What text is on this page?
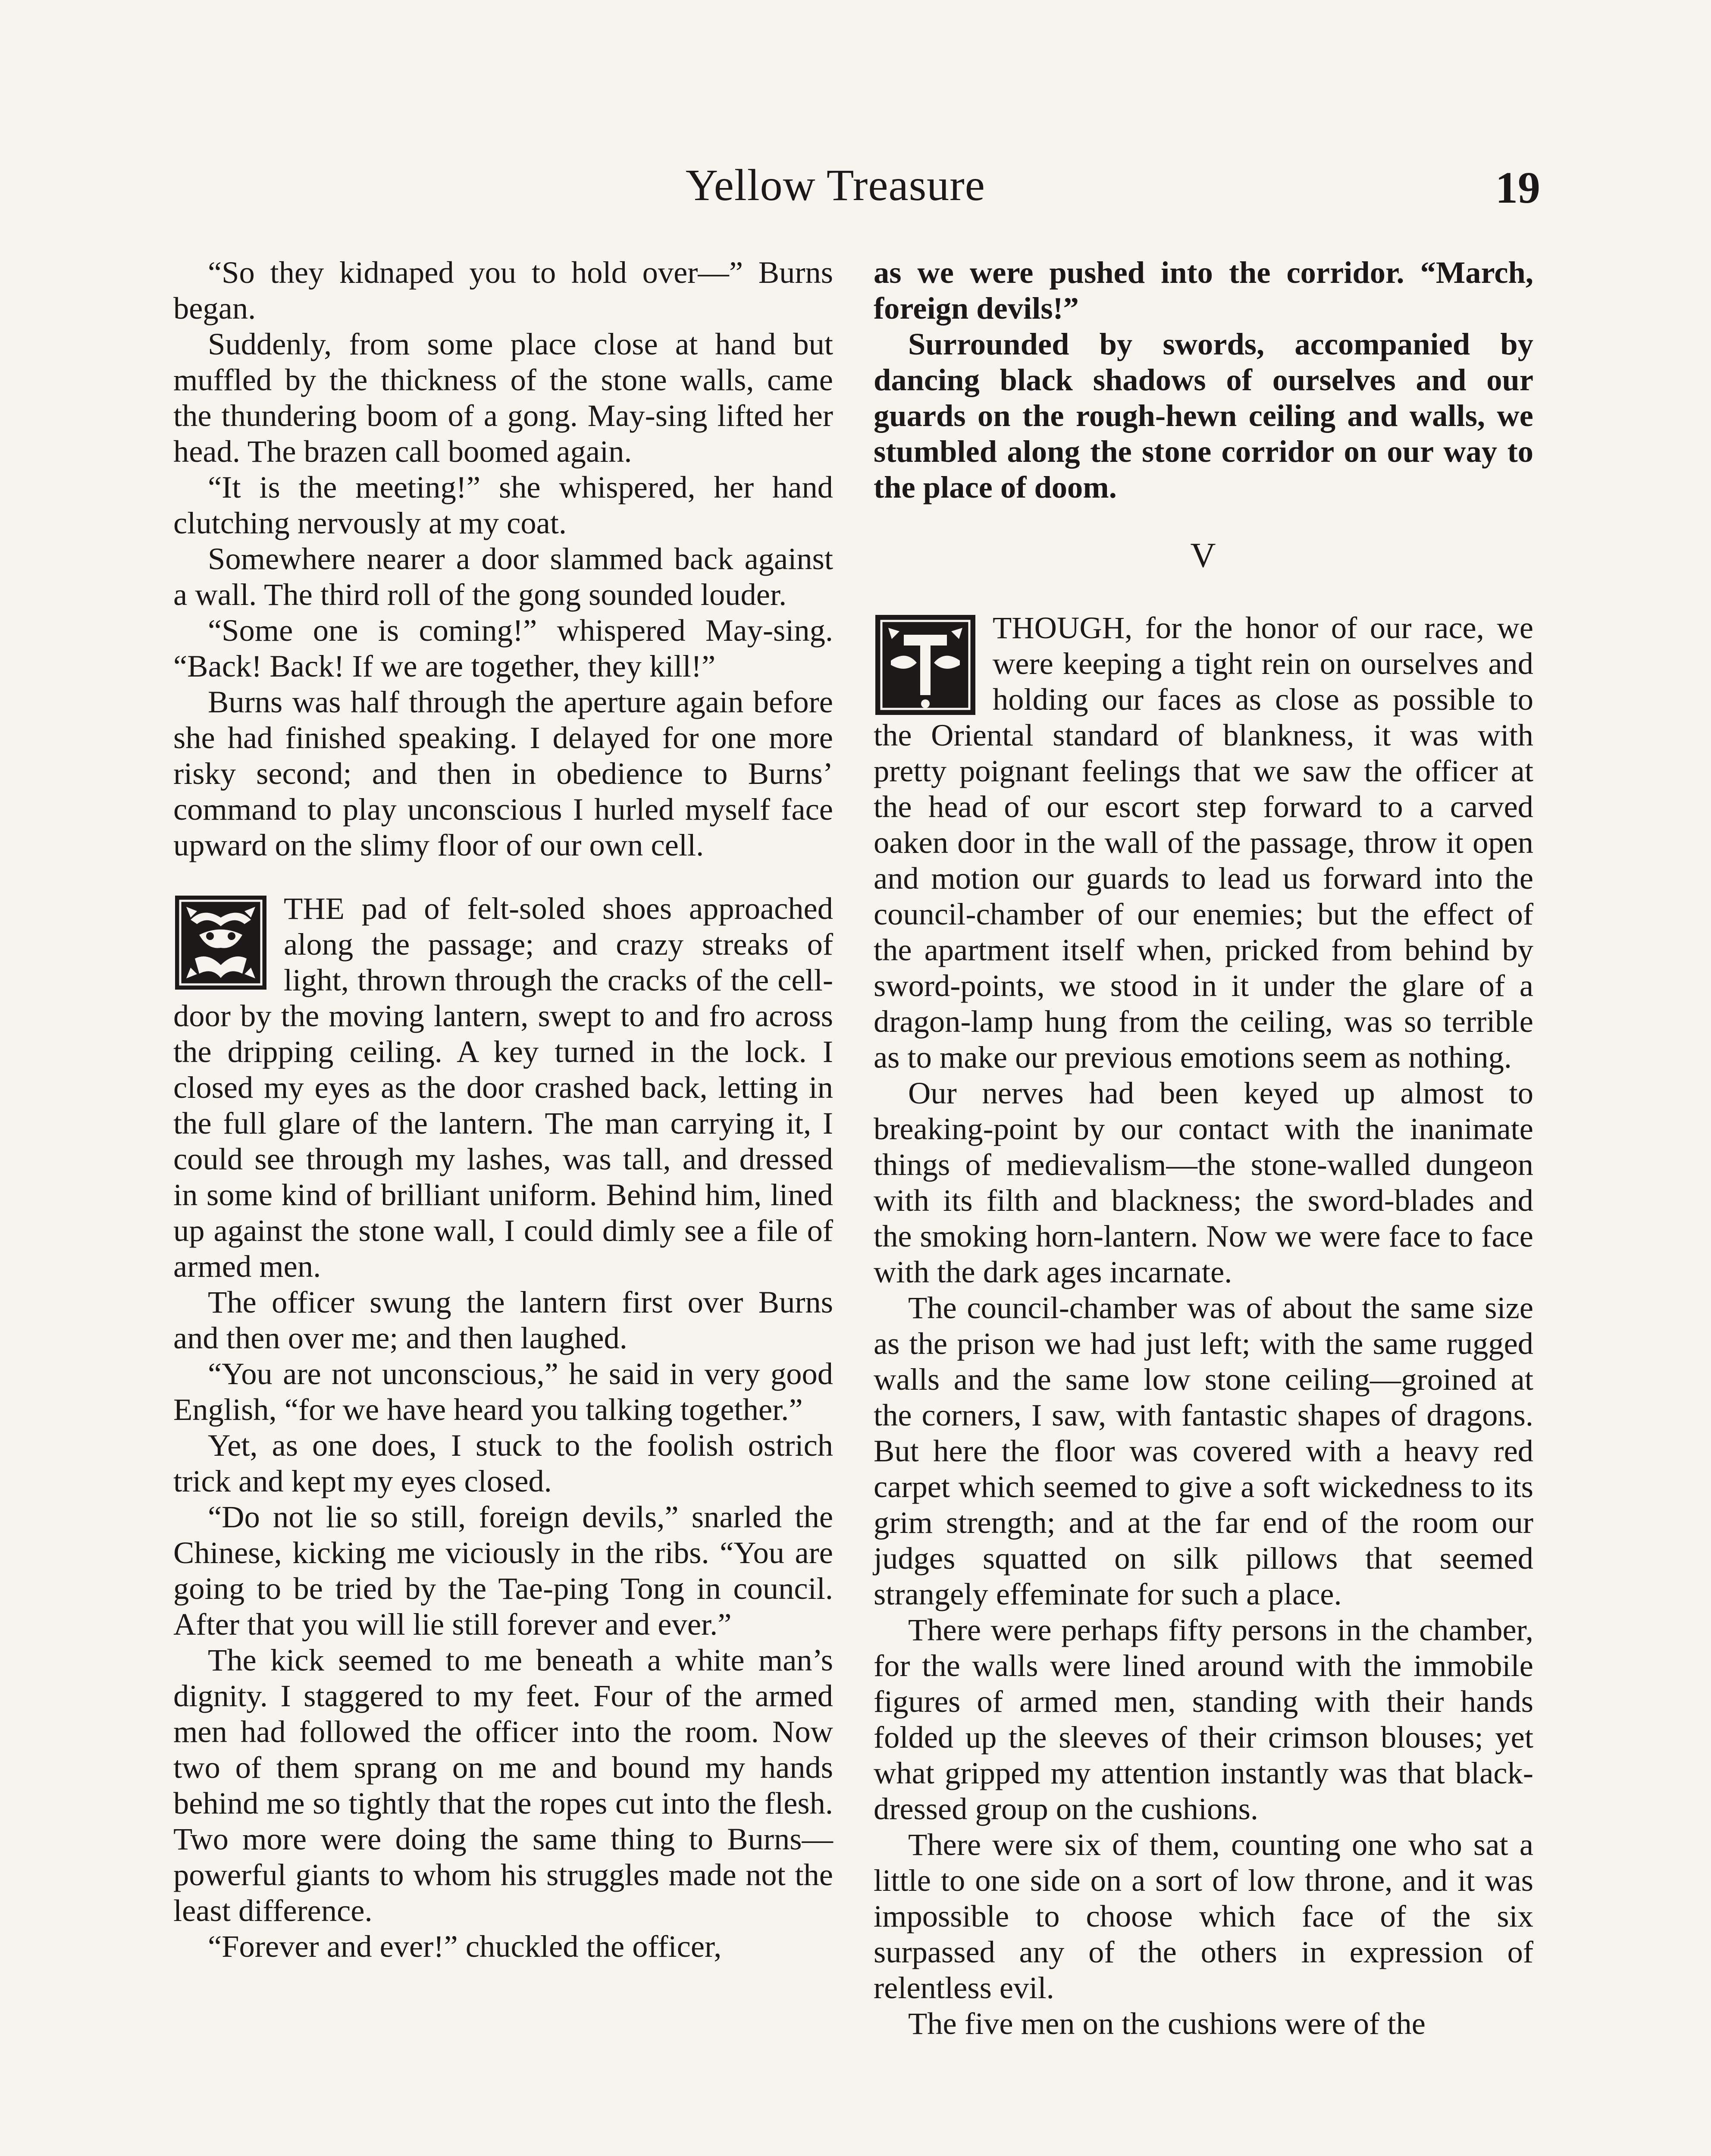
Yellow Treasure	19

“So they kidnaped you to hold over—” Burns began.

Suddenly, from some place close at hand but muffled by the thickness of the stone walls, came the thundering boom of a gong. May-sing lifted her head. The brazen call boomed again.

“It is the meeting!” she whispered, her hand clutching nervously at my coat.

Somewhere nearer a door slammed back against a wall. The third roll of the gong sounded louder.

“Some one is coming!” whispered May-sing. “Back! Back! If we are together, they kill!”

Burns was half through the aperture again before she had finished speaking. I delayed for one more risky second; and then in obedience to Burns’ command to play unconscious I hurled myself face upward on the slimy floor of our own cell.

THE pad of felt-soled shoes approached along the passage; and crazy streaks of light, thrown through the cracks of the cell-door by the moving lantern, swept to and fro across the dripping ceiling. A key turned in the lock. I closed my eyes as the door crashed back, letting in the full glare of the lantern. The man carrying it, I could see through my lashes, was tall, and dressed in some kind of brilliant uniform. Behind him, lined up against the stone wall, I could dimly see a file of armed men.

The officer swung the lantern first over Burns and then over me; and then laughed.

“You are not unconscious,” he said in very good English, “for we have heard you talking together.”

Yet, as one does, I stuck to the foolish ostrich trick and kept my eyes closed.

“Do not lie so still, foreign devils,” snarled the Chinese, kicking me viciously in the ribs. “You are going to be tried by the Tae-ping Tong in council. After that you will lie still forever and ever.”

The kick seemed to me beneath a white man’s dignity. I staggered to my feet. Four of the armed men had followed the officer into the room. Now two of them sprang on me and bound my hands behind me so tightly that the ropes cut into the flesh. Two more were doing the same thing to Burns—powerful giants to whom his struggles made not the least difference.

“Forever and ever!” chuckled the officer,

as we were pushed into the corridor. “March, foreign devils!”

Surrounded by swords, accompanied by dancing black shadows of ourselves and our guards on the rough-hewn ceiling and walls, we stumbled along the stone corridor on our way to the place of doom.

V

THOUGH, for the honor of our race, we were keeping a tight rein on ourselves and holding our faces as close as possible to the Oriental standard of blankness, it was with pretty poignant feelings that we saw the officer at the head of our escort step forward to a carved oaken door in the wall of the passage, throw it open and motion our guards to lead us forward into the council-chamber of our enemies; but the effect of the apartment itself when, pricked from behind by sword-points, we stood in it under the glare of a dragon-lamp hung from the ceiling, was so terrible as to make our previous emotions seem as nothing.

Our nerves had been keyed up almost to breaking-point by our contact with the inanimate things of medievalism—the stone-walled dungeon with its filth and blackness; the sword-blades and the smoking horn-lantern. Now we were face to face with the dark ages incarnate.

The council-chamber was of about the same size as the prison we had just left; with the same rugged walls and the same low stone ceiling—groined at the corners, I saw, with fantastic shapes of dragons. But here the floor was covered with a heavy red carpet which seemed to give a soft wickedness to its grim strength; and at the far end of the room our judges squatted on silk pillows that seemed strangely effeminate for such a place.

There were perhaps fifty persons in the chamber, for the walls were lined around with the immobile figures of armed men, standing with their hands folded up the sleeves of their crimson blouses; yet what gripped my attention instantly was that black-dressed group on the cushions.

There were six of them, counting one who sat a little to one side on a sort of low throne, and it was impossible to choose which face of the six surpassed any of the others in expression of relentless evil.

The five men on the cushions were of the
